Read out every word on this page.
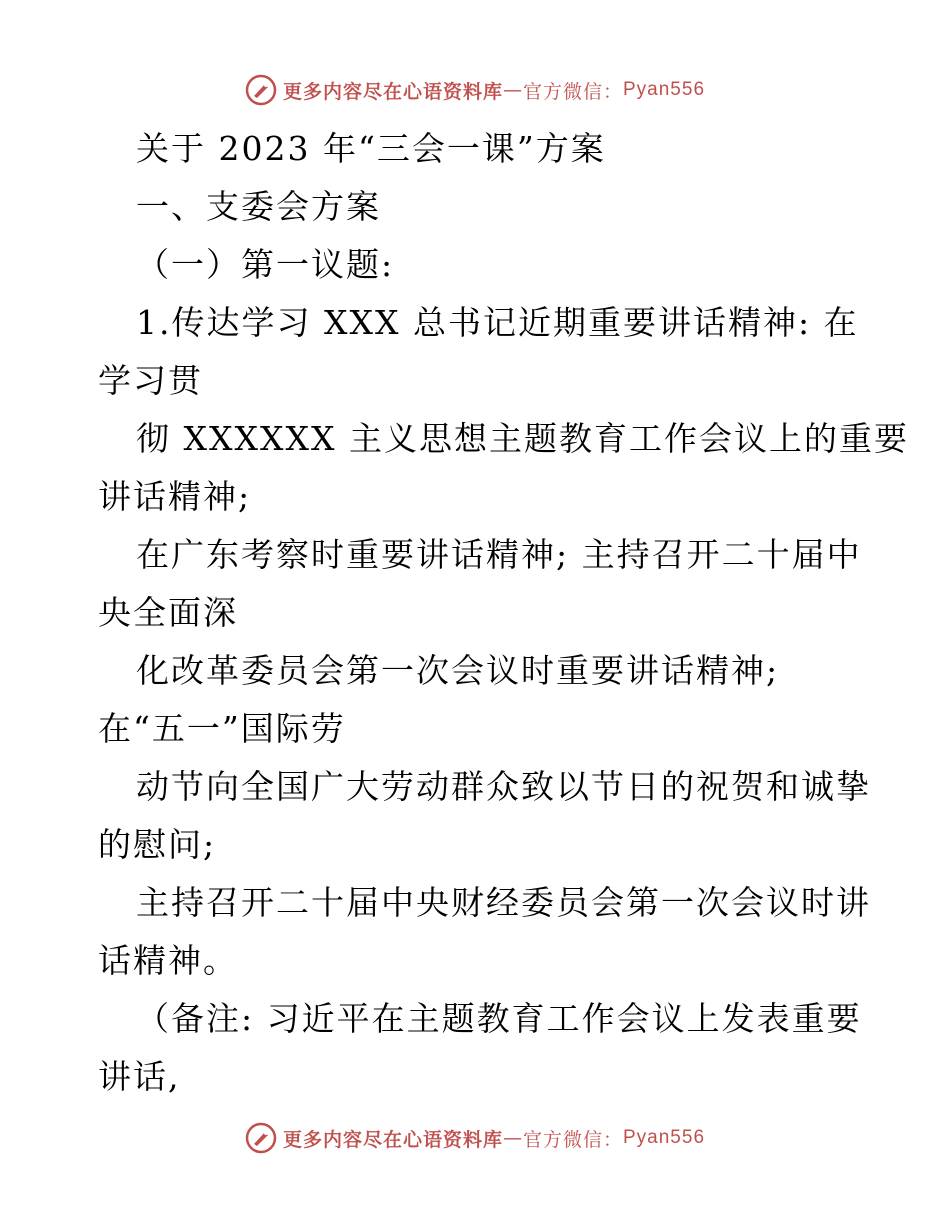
更多内容尽在心语资料库 — 官方微信： Pyan556
关于 2023 年“三会一课”方案
一、支委会方案
（一）第一议题:
1.传达学习 XXX 总书记近期重要讲话精神: 在
学习贯
彻 XXXXXX 主义思想主题教育工作会议上的重要
讲话精神;
在广东考察时重要讲话精神; 主持召开二十届中
央全面深
化改革委员会第一次会议时重要讲话精神;
在“五一”国际劳
动节向全国广大劳动群众致以节日的祝贺和诚挚
的慰问;
主持召开二十届中央财经委员会第一次会议时讲
话精神。
（备注: 习近平在主题教育工作会议上发表重要
讲话,
更多内容尽在心语资料库 — 官方微信： Pyan556
